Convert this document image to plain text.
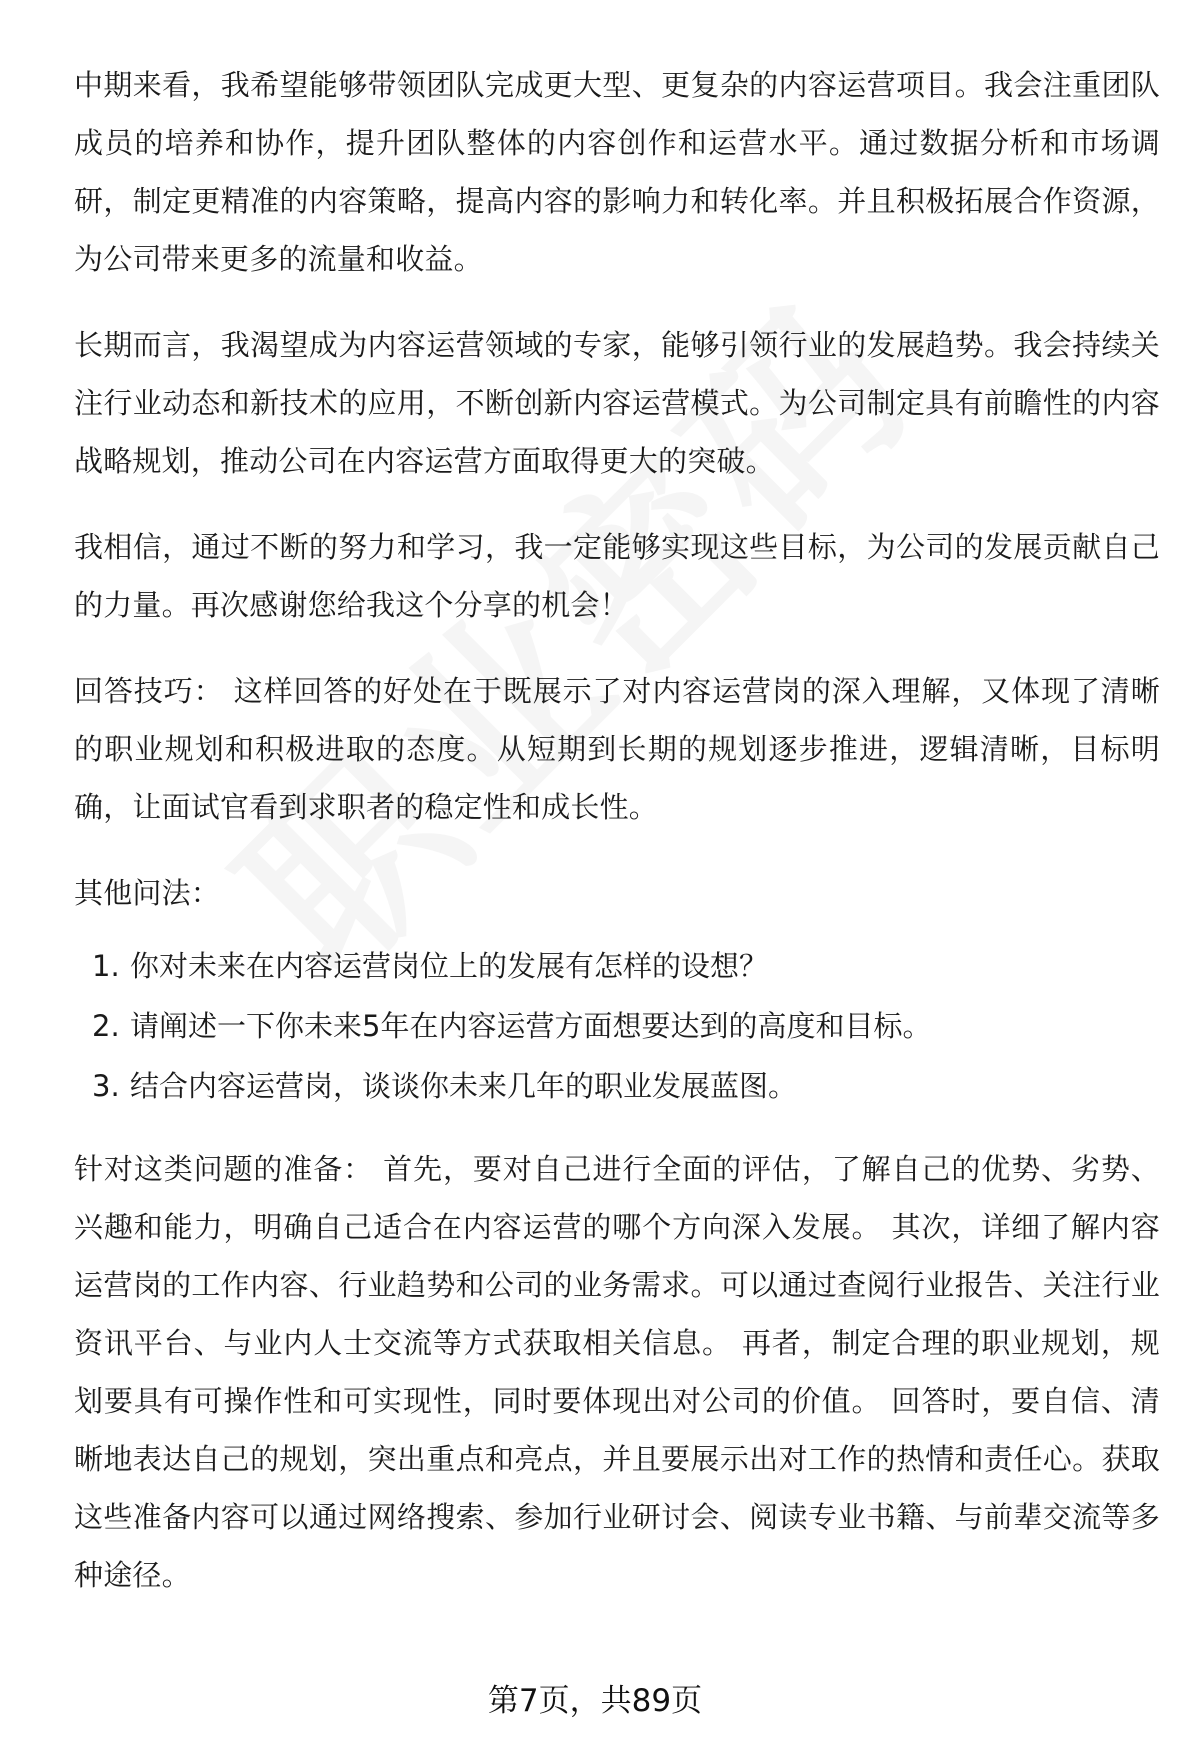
中期来看，我希望能够带领团队完成更大型、更复杂的内容运营项目。我会注重团队成员的培养和协作，提升团队整体的内容创作和运营水平。通过数据分析和市场调研，制定更精准的内容策略，提高内容的影响力和转化率。并且积极拓展合作资源，为公司带来更多的流量和收益。

长期而言，我渴望成为内容运营领域的专家，能够引领行业的发展趋势。我会持续关注行业动态和新技术的应用，不断创新内容运营模式。为公司制定具有前瞻性的内容战略规划，推动公司在内容运营方面取得更大的突破。

我相信，通过不断的努力和学习，我一定能够实现这些目标，为公司的发展贡献自己的力量。再次感谢您给我这个分享的机会！

回答技巧： 这样回答的好处在于既展示了对内容运营岗的深入理解，又体现了清晰的职业规划和积极进取的态度。从短期到长期的规划逐步推进，逻辑清晰，目标明确，让面试官看到求职者的稳定性和成长性。

其他问法：

1. 你对未来在内容运营岗位上的发展有怎样的设想？
2. 请阐述一下你未来5年在内容运营方面想要达到的高度和目标。
3. 结合内容运营岗，谈谈你未来几年的职业发展蓝图。

针对这类问题的准备： 首先，要对自己进行全面的评估，了解自己的优势、劣势、兴趣和能力，明确自己适合在内容运营的哪个方向深入发展。 其次，详细了解内容运营岗的工作内容、行业趋势和公司的业务需求。可以通过查阅行业报告、关注行业资讯平台、与业内人士交流等方式获取相关信息。 再者，制定合理的职业规划，规划要具有可操作性和可实现性，同时要体现出对公司的价值。 回答时，要自信、清晰地表达自己的规划，突出重点和亮点，并且要展示出对工作的热情和责任心。获取这些准备内容可以通过网络搜索、参加行业研讨会、阅读专业书籍、与前辈交流等多种途径。

第7页，共89页
